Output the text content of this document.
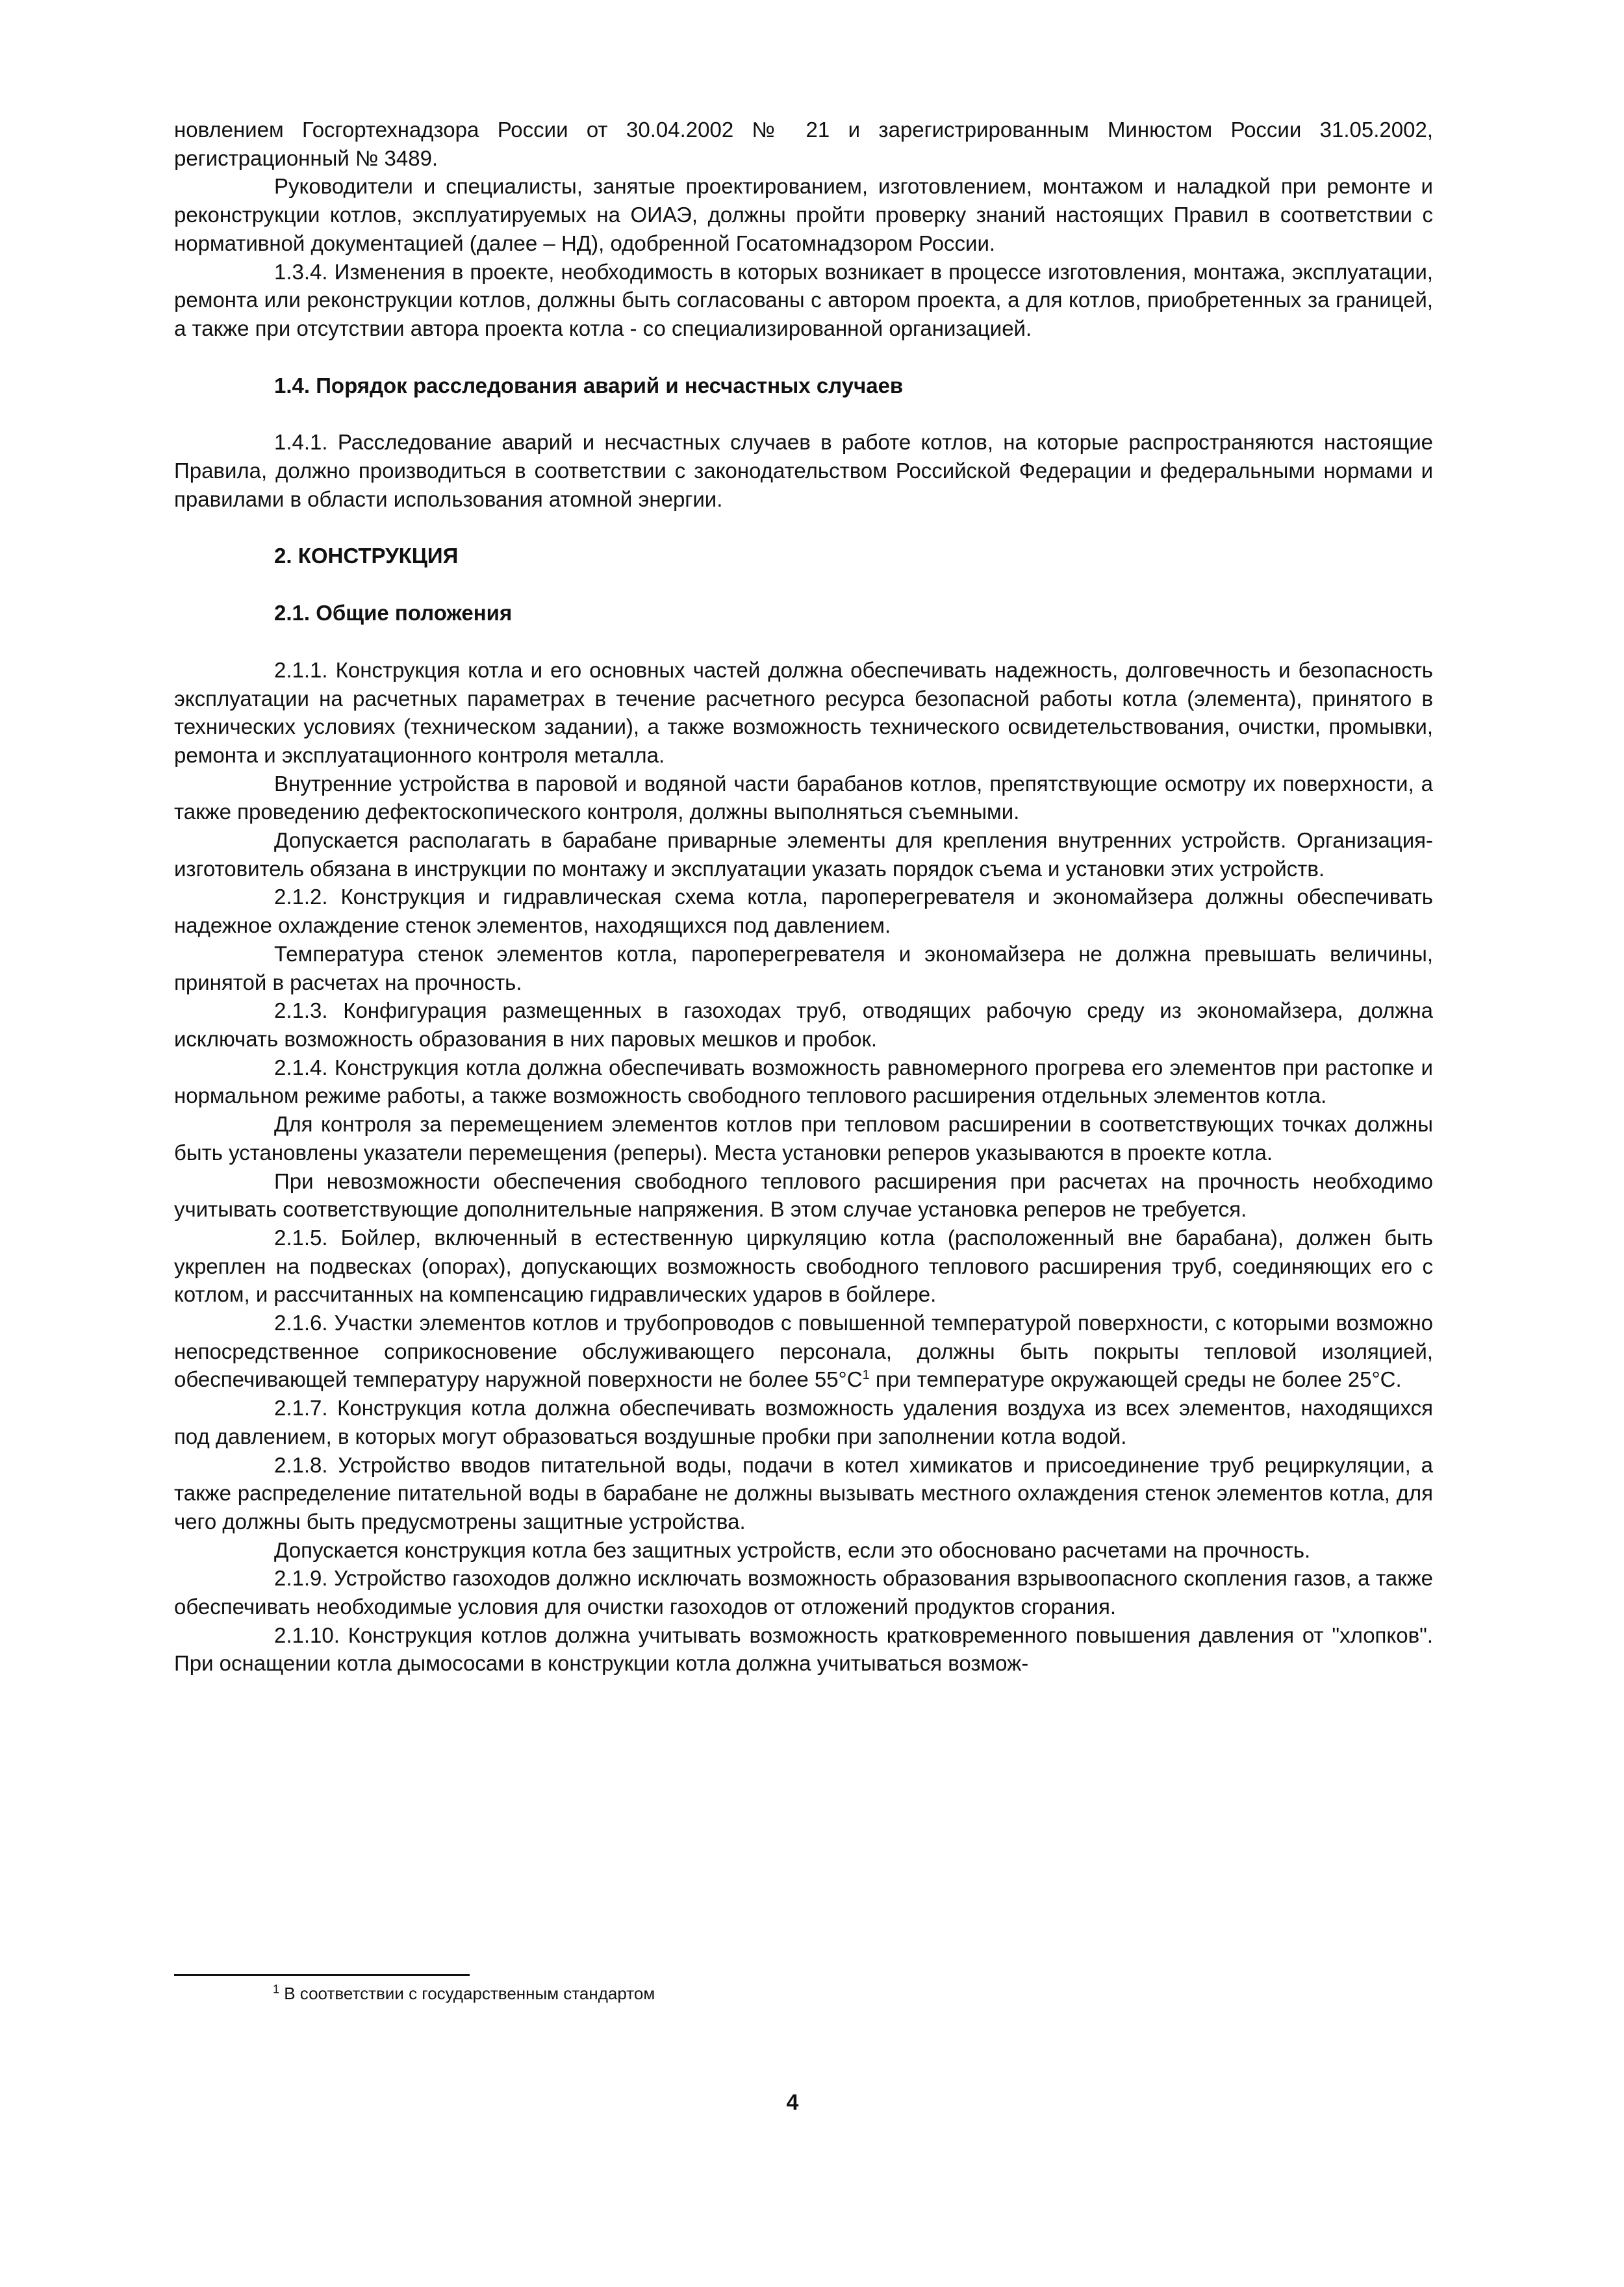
новлением Госгортехнадзора России от 30.04.2002 № 21 и зарегистрированным Минюстом России 31.05.2002, регистрационный № 3489.

Руководители и специалисты, занятые проектированием, изготовлением, монтажом и наладкой при ремонте и реконструкции котлов, эксплуатируемых на ОИАЭ, должны пройти проверку знаний настоящих Правил в соответствии с нормативной документацией (далее – НД), одобренной Госатомнадзором России.

1.3.4. Изменения в проекте, необходимость в которых возникает в процессе изготовления, монтажа, эксплуатации, ремонта или реконструкции котлов, должны быть согласованы с автором проекта, а для котлов, приобретенных за границей, а также при отсутствии автора проекта котла - со специализированной организацией.

1.4. Порядок расследования аварий и несчастных случаев

1.4.1. Расследование аварий и несчастных случаев в работе котлов, на которые распространяются настоящие Правила, должно производиться в соответствии с законодательством Российской Федерации и федеральными нормами и правилами в области использования атомной энергии.

2. КОНСТРУКЦИЯ
2.1. Общие положения

2.1.1. Конструкция котла и его основных частей должна обеспечивать надежность, долговечность и безопасность эксплуатации на расчетных параметрах в течение расчетного ресурса безопасной работы котла (элемента), принятого в технических условиях (техническом задании), а также возможность технического освидетельствования, очистки, промывки, ремонта и эксплуатационного контроля металла.

Внутренние устройства в паровой и водяной части барабанов котлов, препятствующие осмотру их поверхности, а также проведению дефектоскопического контроля, должны выполняться съемными.

Допускается располагать в барабане приварные элементы для крепления внутренних устройств. Организация-изготовитель обязана в инструкции по монтажу и эксплуатации указать порядок съема и установки этих устройств.

2.1.2. Конструкция и гидравлическая схема котла, пароперегревателя и экономайзера должны обеспечивать надежное охлаждение стенок элементов, находящихся под давлением.

Температура стенок элементов котла, пароперегревателя и экономайзера не должна превышать величины, принятой в расчетах на прочность.

2.1.3. Конфигурация размещенных в газоходах труб, отводящих рабочую среду из экономайзера, должна исключать возможность образования в них паровых мешков и пробок.

2.1.4. Конструкция котла должна обеспечивать возможность равномерного прогрева его элементов при растопке и нормальном режиме работы, а также возможность свободного теплового расширения отдельных элементов котла.

Для контроля за перемещением элементов котлов при тепловом расширении в соответствующих точках должны быть установлены указатели перемещения (реперы). Места установки реперов указываются в проекте котла.

При невозможности обеспечения свободного теплового расширения при расчетах на прочность необходимо учитывать соответствующие дополнительные напряжения. В этом случае установка реперов не требуется.

2.1.5. Бойлер, включенный в естественную циркуляцию котла (расположенный вне барабана), должен быть укреплен на подвесках (опорах), допускающих возможность свободного теплового расширения труб, соединяющих его с котлом, и рассчитанных на компенсацию гидравлических ударов в бойлере.

2.1.6. Участки элементов котлов и трубопроводов с повышенной температурой поверхности, с которыми возможно непосредственное соприкосновение обслуживающего персонала, должны быть покрыты тепловой изоляцией, обеспечивающей температуру наружной поверхности не более $55^\circ С^1$ при температуре окружающей среды не более 25°С.

2.1.7. Конструкция котла должна обеспечивать возможность удаления воздуха из всех элементов, находящихся под давлением, в которых могут образоваться воздушные пробки при заполнении котла водой.

2.1.8. Устройство вводов питательной воды, подачи в котел химикатов и присоединение труб рециркуляции, а также распределение питательной воды в барабане не должны вызывать местного охлаждения стенок элементов котла, для чего должны быть предусмотрены защитные устройства.

Допускается конструкция котла без защитных устройств, если это обосновано расчетами на прочность.

2.1.9. Устройство газоходов должно исключать возможность образования взрывоопасного скопления газов, а также обеспечивать необходимые условия для очистки газоходов от отложений продуктов сгорания.

2.1.10. Конструкция котлов должна учитывать возможность кратковременного повышения давления от "хлопков". При оснащении котла дымососами в конструкции котла должна учитываться возмож-

$^1$ В соответствии с государственным стандартом
4
